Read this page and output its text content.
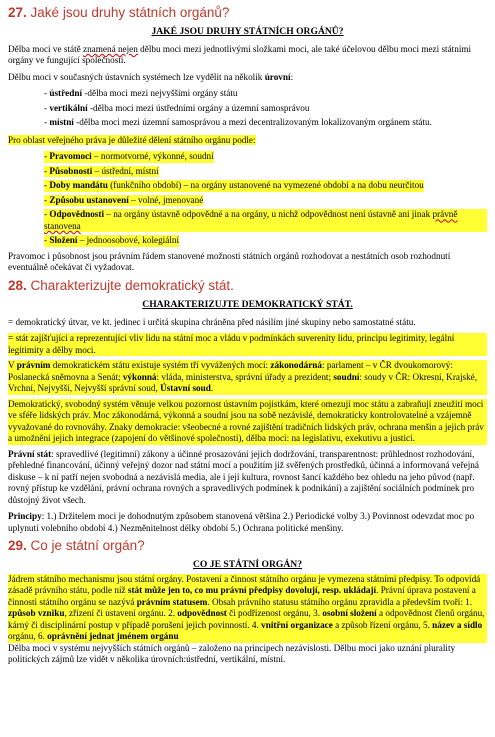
27. Jaké jsou druhy státních orgánů?
JAKÉ JSOU DRUHY STÁTNÍCH ORGÁNŮ?

Dělba moci ve státě znamená nejen dělbu moci mezi jednotlivými složkami moci, ale také účelovou dělbu moci mezi státními orgány ve fungující společnosti.

Dělbu moci v současných ústavních systémech lze vydělit na několik úrovní:

- ústřední -dělba moci mezi nejvyššími orgány státu
- vertikální -dělba moci mezi ústředními orgány a územní samosprávou
- místní -dělba moci mezi územní samosprávou a mezi decentralizovaným lokalizovaným orgánem státu.

Pro oblast veřejného práva je důležité dělení státního orgánu podle:

- Pravomoci – normotvorné, výkonné, soudní
- Působnosti – ústřední, místní
- Doby mandátu (funkčního období) – na orgány ustanovené na vymezené období a na dobu neurčitou
- Způsobu ustanovení – volné, jmenované
- Odpovědnosti – na orgány ústavně odpovědné a na orgány, u nichž odpovědnost není ústavně ani jinak právně stanovena
- Složení – jednoosobové, kolegiální

Pravomoc i působnost jsou právním řádem stanovené možnosti státních orgánů rozhodovat a nestátních osob rozhodnutí eventuálně očekávat či vyžadovat.

28. Charakterizujte demokratický stát.
CHARAKTERIZUJTE DEMOKRATICKÝ STÁT.

= demokratický útvar, ve kt. jedinec i určitá skupina chráněna před násilím jiné skupiny nebo samostatné státu.

= stát zajišťující a reprezentující vliv lidu na státní moc a vládu v podmínkách suverenity lidu, principu legitimity, legální legitimity a dělby moci.

V právním demokratickém státu existuje systém tří vyvážených mocí: zákonodárná: parlament – v ČR dvoukomorový: Poslanecká sněmovna a Senát; výkonná: vláda, ministerstva, správní úřady a prezident; soudní: soudy v ČR: Okresní, Krajské, Vrchní, Nejvyšší, Nejvyšší správní soud, Ústavní soud.

Demokratický, svobodný systém věnuje velkou pozornost ústavním pojistkám, které omezují moc státu a zabraňují zneužití moci ve sféře lidských práv. Moc zákonodárná, výkonná a soudní jsou na sobě nezávislé, demokraticky kontrolovatelné a vzájemně vyvažované do rovnováhy. Znaky demokracie: všeobecné a rovné zajištění tradičních lidských práv, ochrana menšin a jejich práv a umožnění jejich integrace (zapojení do většinové společnosti), dělba moci: na legislativu, exekutivu a justici.

Právní stát: spravedlivé (legitimní) zákony a účinné prosazování jejich dodržování, transparentnost: průhlednost rozhodování, přehledné financování, účinný veřejný dozor nad státní mocí a použitím již svěřených prostředků, účinná a informovaná veřejná diskuse – k ní patří nejen svobodná a nezávislá media, ale i její kultura, rovnost šancí každého bez ohledu na jeho původ (např. rovný přístup ke vzdělání, právní ochrana rovných a spravedlivých podmínek k podnikání) a zajištění sociálních podmínek pro důstojný život všech.

Principy: 1.) Držitelem moci je dohodnutým způsobem stanovená většina 2.) Periodické volby 3.) Povinnost odevzdat moc po uplynutí volebního období 4.) Nezměnitelnost délky období 5.) Ochrana politické menšiny.

29. Co je státní orgán?
CO JE STÁTNÍ ORGÁN?

Jádrem státního mechanismu jsou státní orgány. Postavení a činnost státního orgánu je vymezena státními předpisy. To odpovídá zásadě právního státu, podle níž stát může jen to, co mu právní předpisy dovolují, resp. ukládají. Právní úprava postavení a činnosti státního orgánu se nazývá právním statusem. Obsah právního statusu státního orgánu zpravidla a především tvoří: 1. způsob vzniku, zřízení či ustavení orgánu. 2. odpovědnost či podřízenost orgánu, 3. osobní složení a odpovědnost členů orgánu, kárný či disciplinární postup v případě porušení jejich povinností. 4. vnitřní organizace a způsob řízení orgánu, 5. název a sídlo orgánu, 6. oprávnění jednat jménem orgánu

Dělba moci v systému nejvyšších státních orgánů – založeno na principech nezávislosti. Dělbu moci jako uznání plurality politických zájmů lze vidět v několika úrovních:ústřední, vertikální, místní.
